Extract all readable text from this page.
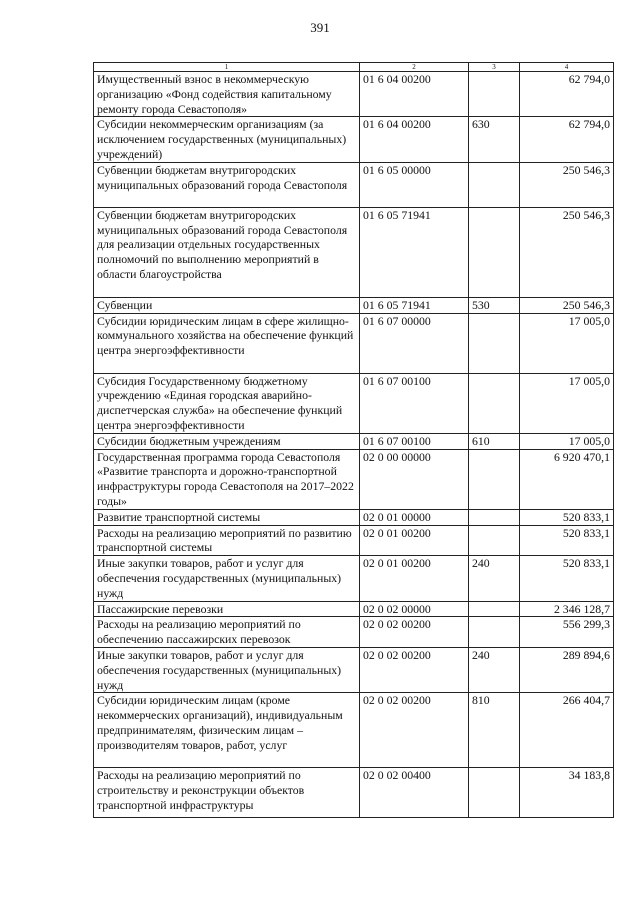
391
1	2	3	4
Имущественный взнос в некоммерческую организацию «Фонд содействия капитальному ремонту города Севастополя»	01 6 04 00200		62 794,0
Субсидии некоммерческим организациям (за исключением государственных (муниципальных) учреждений)	01 6 04 00200	630	62 794,0
Субвенции бюджетам внутригородских муниципальных образований города Севастополя	01 6 05 00000		250 546,3
Субвенции бюджетам внутригородских муниципальных образований города Севастополя для реализации отдельных государственных полномочий по выполнению мероприятий в области благоустройства	01 6 05 71941		250 546,3
Субвенции	01 6 05 71941	530	250 546,3
Субсидии юридическим лицам в сфере жилищно-коммунального хозяйства на обеспечение функций центра энергоэффективности	01 6 07 00000		17 005,0
Субсидия Государственному бюджетному учреждению «Единая городская аварийно-диспетчерская служба» на обеспечение функций центра энергоэффективности	01 6 07 00100		17 005,0
Субсидии бюджетным учреждениям	01 6 07 00100	610	17 005,0
Государственная программа города Севастополя «Развитие транспорта и дорожно-транспортной инфраструктуры города Севастополя на 2017–2022 годы»	02 0 00 00000		6 920 470,1
Развитие транспортной системы	02 0 01 00000		520 833,1
Расходы на реализацию мероприятий по развитию транспортной системы	02 0 01 00200		520 833,1
Иные закупки товаров, работ и услуг для обеспечения государственных (муниципальных) нужд	02 0 01 00200	240	520 833,1
Пассажирские перевозки	02 0 02 00000		2 346 128,7
Расходы на реализацию мероприятий по обеспечению пассажирских перевозок	02 0 02 00200		556 299,3
Иные закупки товаров, работ и услуг для обеспечения государственных (муниципальных) нужд	02 0 02 00200	240	289 894,6
Субсидии юридическим лицам (кроме некоммерческих организаций), индивидуальным предпринимателям, физическим лицам – производителям товаров, работ, услуг	02 0 02 00200	810	266 404,7
Расходы на реализацию мероприятий по строительству и реконструкции объектов транспортной инфраструктуры	02 0 02 00400		34 183,8
